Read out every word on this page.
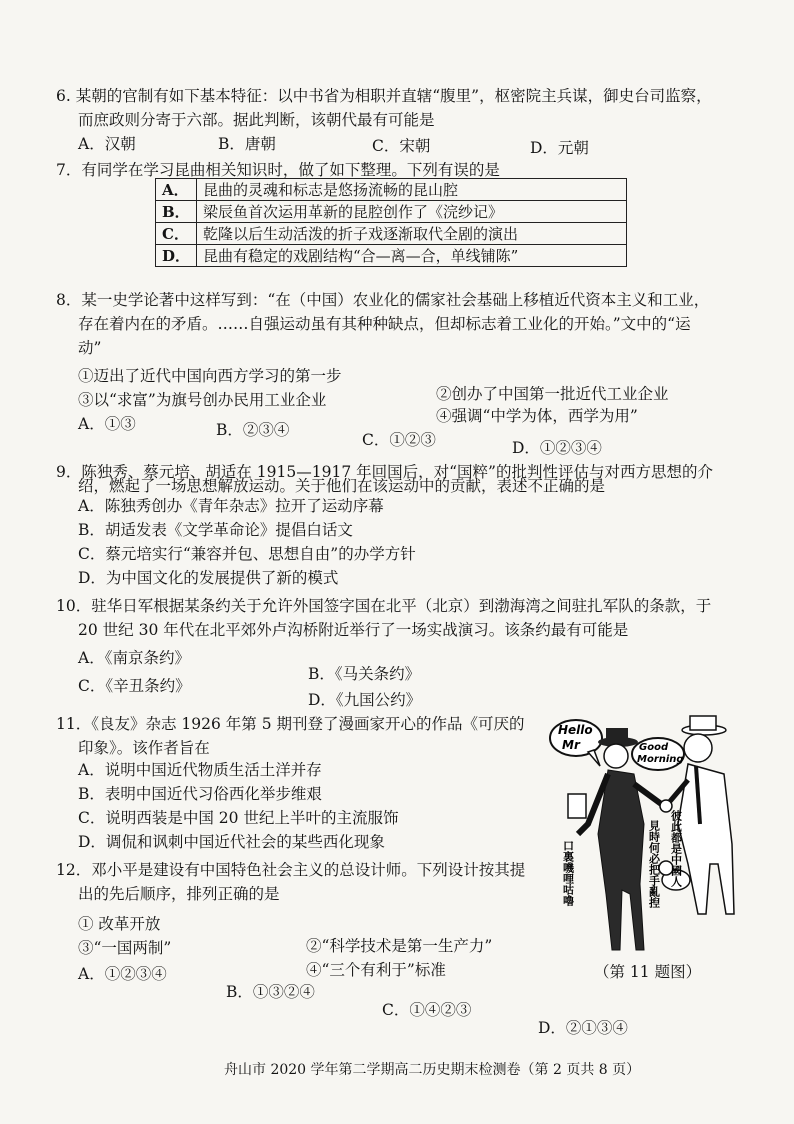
6. 某朝的官制有如下基本特征：以中书省为相职并直辖“腹里”，枢密院主兵谋，御史台司监察，
而庶政则分寄于六部。据此判断，该朝代最有可能是
A．汉朝	B．唐朝	C．宋朝	D．元朝
7．有同学在学习昆曲相关知识时，做了如下整理。下列有误的是
A．	昆曲的灵魂和标志是悠扬流畅的昆山腔
B．	梁辰鱼首次运用革新的昆腔创作了《浣纱记》
C．	乾隆以后生动活泼的折子戏逐渐取代全剧的演出
D．	昆曲有稳定的戏剧结构“合—离—合，单线铺陈”
8．某一史学论著中这样写到：“在（中国）农业化的儒家社会基础上移植近代资本主义和工业，
存在着内在的矛盾。……自强运动虽有其种种缺点，但却标志着工业化的开始。”文中的“运
动”
①迈出了近代中国向西方学习的第一步
②创办了中国第一批近代工业企业
③以“求富”为旗号创办民用工业企业
④强调“中学为体，西学为用”
A．①③	B．②③④
C．①②③	D．①②③④
9．陈独秀、蔡元培、胡适在 1915—1917 年回国后，对“国粹”的批判性评估与对西方思想的介
绍，燃起了一场思想解放运动。关于他们在该运动中的贡献，表述不正确的是
A．陈独秀创办《青年杂志》拉开了运动序幕
B．胡适发表《文学革命论》提倡白话文
C．蔡元培实行“兼容并包、思想自由”的办学方针
D．为中国文化的发展提供了新的模式
10．驻华日军根据某条约关于允许外国签字国在北平（北京）到渤海湾之间驻扎军队的条款，于
20 世纪 30 年代在北平郊外卢沟桥附近举行了一场实战演习。该条约最有可能是
A．《南京条约》
B．《马关条约》
C．《辛丑条约》
D．《九国公约》
11．《良友》杂志 1926 年第 5 期刊登了漫画家开心的作品《可厌的
印象》。该作者旨在
A．说明中国近代物质生活土洋并存
B．表明中国近代习俗西化举步维艰
C．说明西装是中国 20 世纪上半叶的主流服饰
D．调侃和讽刺中国近代社会的某些西化现象
Hello
Mr	Good
Morning
彼此都是中國人
見時何必把手亂揑
口裏嘰哩咕嚕
（第 11 题图）
12．邓小平是建设有中国特色社会主义的总设计师。下列设计按其提
出的先后顺序，排列正确的是
① 改革开放
②“科学技术是第一生产力”
③“一国两制”
④“三个有利于”标准
A．①②③④
B．①③②④
C．①④②③
D．②①③④
舟山市 2020 学年第二学期高二历史期末检测卷（第 2 页共 8 页）
